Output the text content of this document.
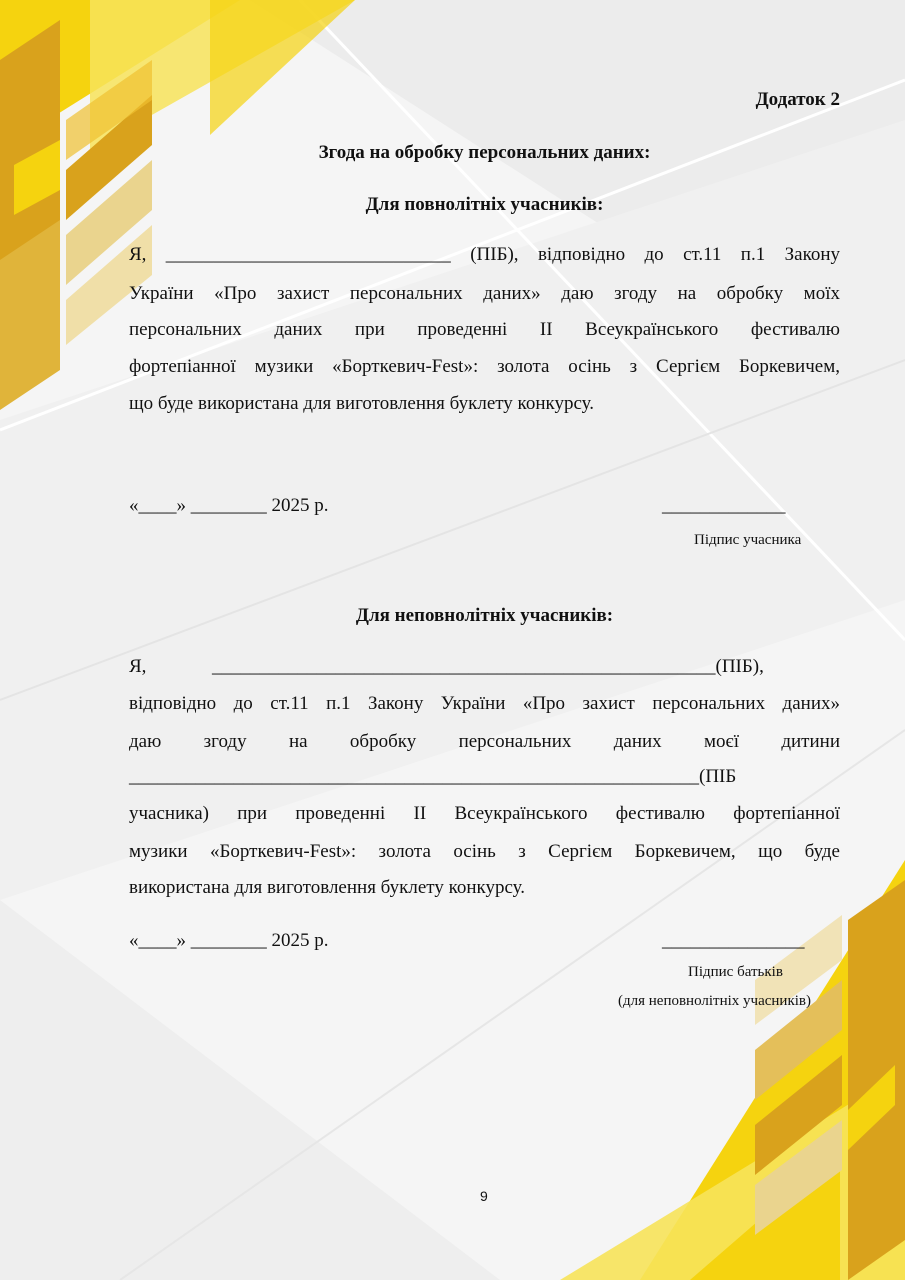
Додаток 2
Згода на обробку персональних даних:
Для повнолітніх учасників:
Я, ______________________________ (ПІБ), відповідно до ст.11 п.1 Закону
України «Про захист персональних даних» даю згоду на обробку моїх
персональних даних при проведенні ІІ Всеукраїнського фестивалю
фортепіанної музики «Борткевич-Fest»: золота осінь з Сергієм Боркевичем,
що буде використана для виготовлення буклету конкурсу.
«____» ________ 2025 р.	_____________
Підпис учасника
Для неповнолітніх учасників:
Я,	_____________________________________________________(ПІБ),
відповідно до ст.11 п.1 Закону України «Про захист персональних даних»
даю згоду на обробку персональних даних моєї дитини
____________________________________________________________(ПІБ
учасника) при проведенні ІІ Всеукраїнського фестивалю фортепіанної
музики «Борткевич-Fest»: золота осінь з Сергієм Боркевичем, що буде
використана для виготовлення буклету конкурсу.
«____» ________ 2025 р.	_______________
Підпис батьків
(для неповнолітніх учасників)
9
